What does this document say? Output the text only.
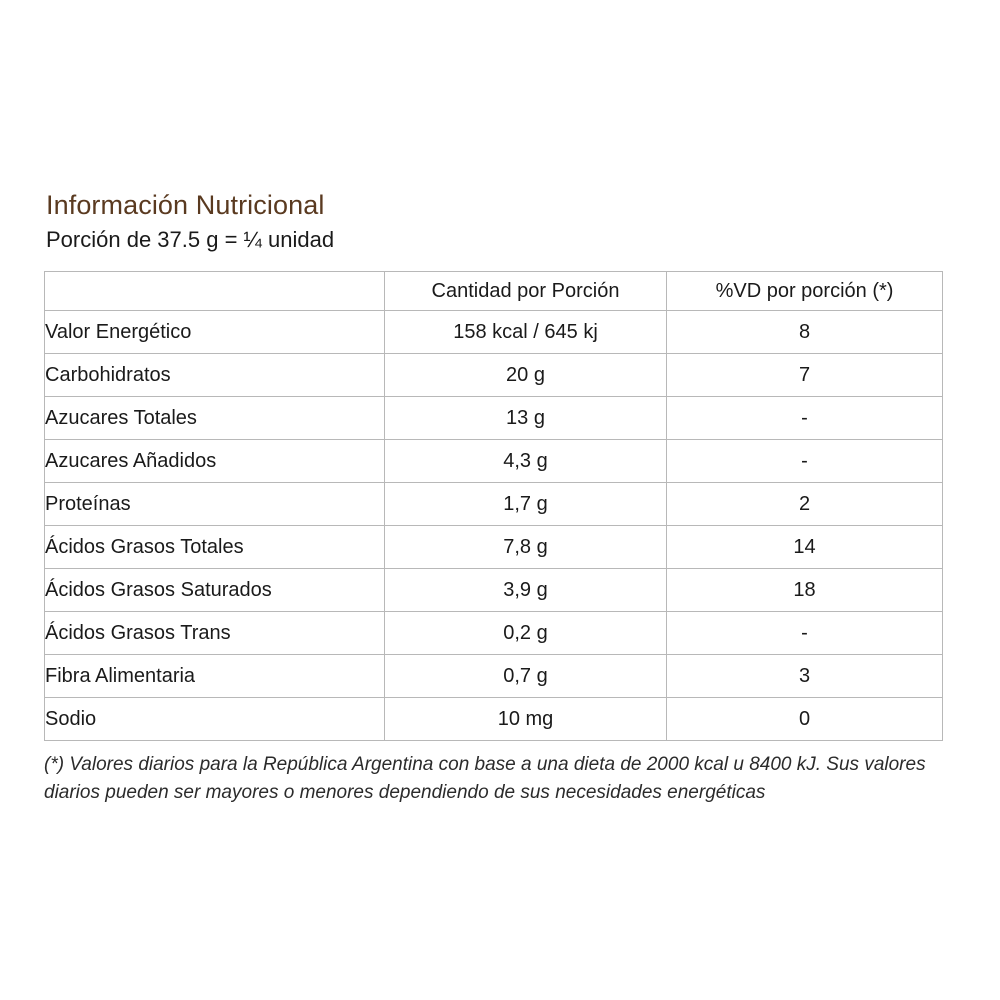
Información Nutricional
Porción de 37.5 g = ¼ unidad
	Cantidad por Porción	%VD por porción (*)
Valor Energético	158 kcal / 645 kj	8
Carbohidratos	20 g	7
Azucares Totales	13 g	-
Azucares Añadidos	4,3 g	-
Proteínas	1,7 g	2
Ácidos Grasos Totales	7,8 g	14
Ácidos Grasos Saturados	3,9 g	18
Ácidos Grasos Trans	0,2 g	-
Fibra Alimentaria	0,7 g	3
Sodio	10 mg	0
(*) Valores diarios para la República Argentina con base a una dieta de 2000 kcal u 8400 kJ. Sus valores diarios pueden ser mayores o menores dependiendo de sus necesidades energéticas
